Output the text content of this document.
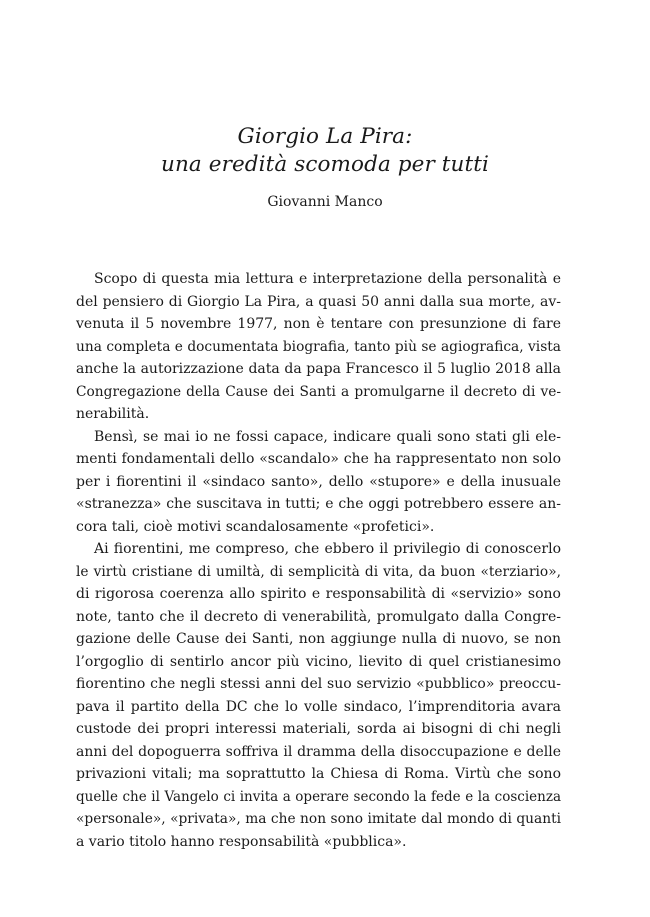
Giorgio La Pira:
una eredità scomoda per tutti
Giovanni Manco
Scopo di questa mia lettura e interpretazione della personalità e
del pensiero di Giorgio La Pira, a quasi 50 anni dalla sua morte, av-
venuta il 5 novembre 1977, non è tentare con presunzione di fare
una completa e documentata biografia, tanto più se agiografica, vista
anche la autorizzazione data da papa Francesco il 5 luglio 2018 alla
Congregazione della Cause dei Santi a promulgarne il decreto di ve-
nerabilità.
Bensì, se mai io ne fossi capace, indicare quali sono stati gli ele-
menti fondamentali dello «scandalo» che ha rappresentato non solo
per i fiorentini il «sindaco santo», dello «stupore» e della inusuale
«stranezza» che suscitava in tutti; e che oggi potrebbero essere an-
cora tali, cioè motivi scandalosamente «profetici».
Ai fiorentini, me compreso, che ebbero il privilegio di conoscerlo
le virtù cristiane di umiltà, di semplicità di vita, da buon «terziario»,
di rigorosa coerenza allo spirito e responsabilità di «servizio» sono
note, tanto che il decreto di venerabilità, promulgato dalla Congre-
gazione delle Cause dei Santi, non aggiunge nulla di nuovo, se non
l’orgoglio di sentirlo ancor più vicino, lievito di quel cristianesimo
fiorentino che negli stessi anni del suo servizio «pubblico» preoccu-
pava il partito della DC che lo volle sindaco, l’imprenditoria avara
custode dei propri interessi materiali, sorda ai bisogni di chi negli
anni del dopoguerra soffriva il dramma della disoccupazione e delle
privazioni vitali; ma soprattutto la Chiesa di Roma. Virtù che sono
quelle che il Vangelo ci invita a operare secondo la fede e la coscienza
«personale», «privata», ma che non sono imitate dal mondo di quanti
a vario titolo hanno responsabilità «pubblica».
